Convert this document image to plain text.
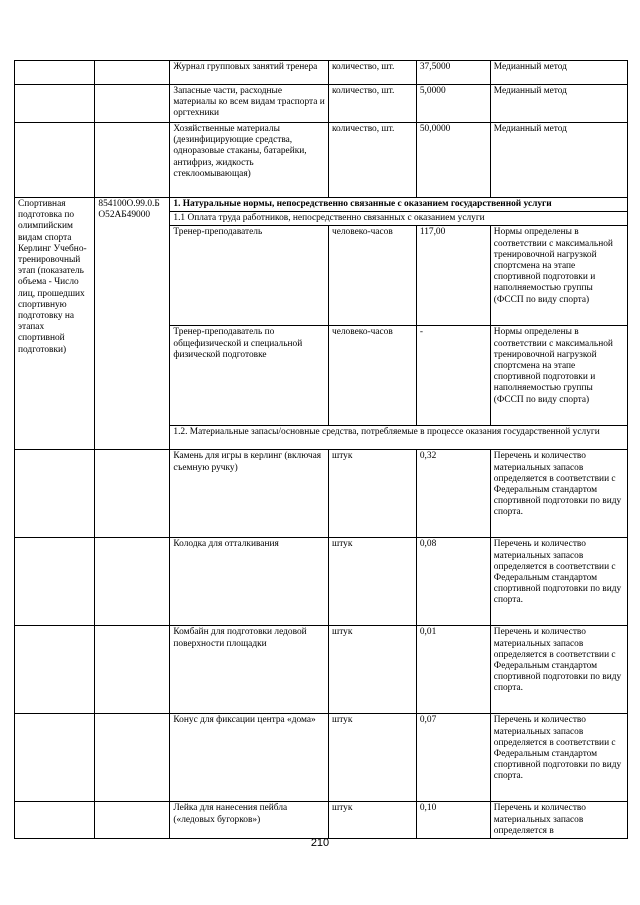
		Журнал групповых занятий тренера	количество, шт.	37,5000	Медианный метод
		Запасные части, расходные материалы ко всем видам траспорта и оргтехники	количество, шт.	5,0000	Медианный метод
		Хозяйственные материалы (дезинфицирующие средства, одноразовые стаканы, батарейки, антифриз, жидкость стеклоомывающая)	количество, шт.	50,0000	Медианный метод
Спортивная подготовка по олимпийским видам спорта Керлинг Учебно-тренировочный этап (показатель объема - Число лиц, прошедших спортивную подготовку на этапах спортивной подготовки)	854100О.99.0.БО52АБ49000	1. Натуральные нормы, непосредственно связанные с оказанием государственной услуги			
		1.1 Оплата труда работников, непосредственно связанных с оказанием услуги			
		Тренер-преподаватель	человеко-часов	117,00	Нормы определены в соответствии с максимальной тренировочной нагрузкой спортсмена на этапе спортивной подготовки и наполняемостью группы (ФССП по виду спорта)
		Тренер-преподаватель по общефизической и специальной физической подготовке	человеко-часов	-	Нормы определены в соответствии с максимальной тренировочной нагрузкой спортсмена на этапе спортивной подготовки и наполняемостью группы (ФССП по виду спорта)
		1.2. Материальные запасы/основные средства, потребляемые в процессе оказания государственной услуги			
		Камень для игры в керлинг (включая съемную ручку)	штук	0,32	Перечень и количество материальных запасов определяется в соответствии с Федеральным стандартом спортивной подготовки по виду спорта.
		Колодка для отталкивания	штук	0,08	Перечень и количество материальных запасов определяется в соответствии с Федеральным стандартом спортивной подготовки по виду спорта.
		Комбайн для подготовки ледовой поверхности площадки	штук	0,01	Перечень и количество материальных запасов определяется в соответствии с Федеральным стандартом спортивной подготовки по виду спорта.
		Конус для фиксации центра «дома»	штук	0,07	Перечень и количество материальных запасов определяется в соответствии с Федеральным стандартом спортивной подготовки по виду спорта.
		Лейка для нанесения пейбла («ледовых бугорков»)	штук	0,10	Перечень и количество материальных запасов определяется в
210
